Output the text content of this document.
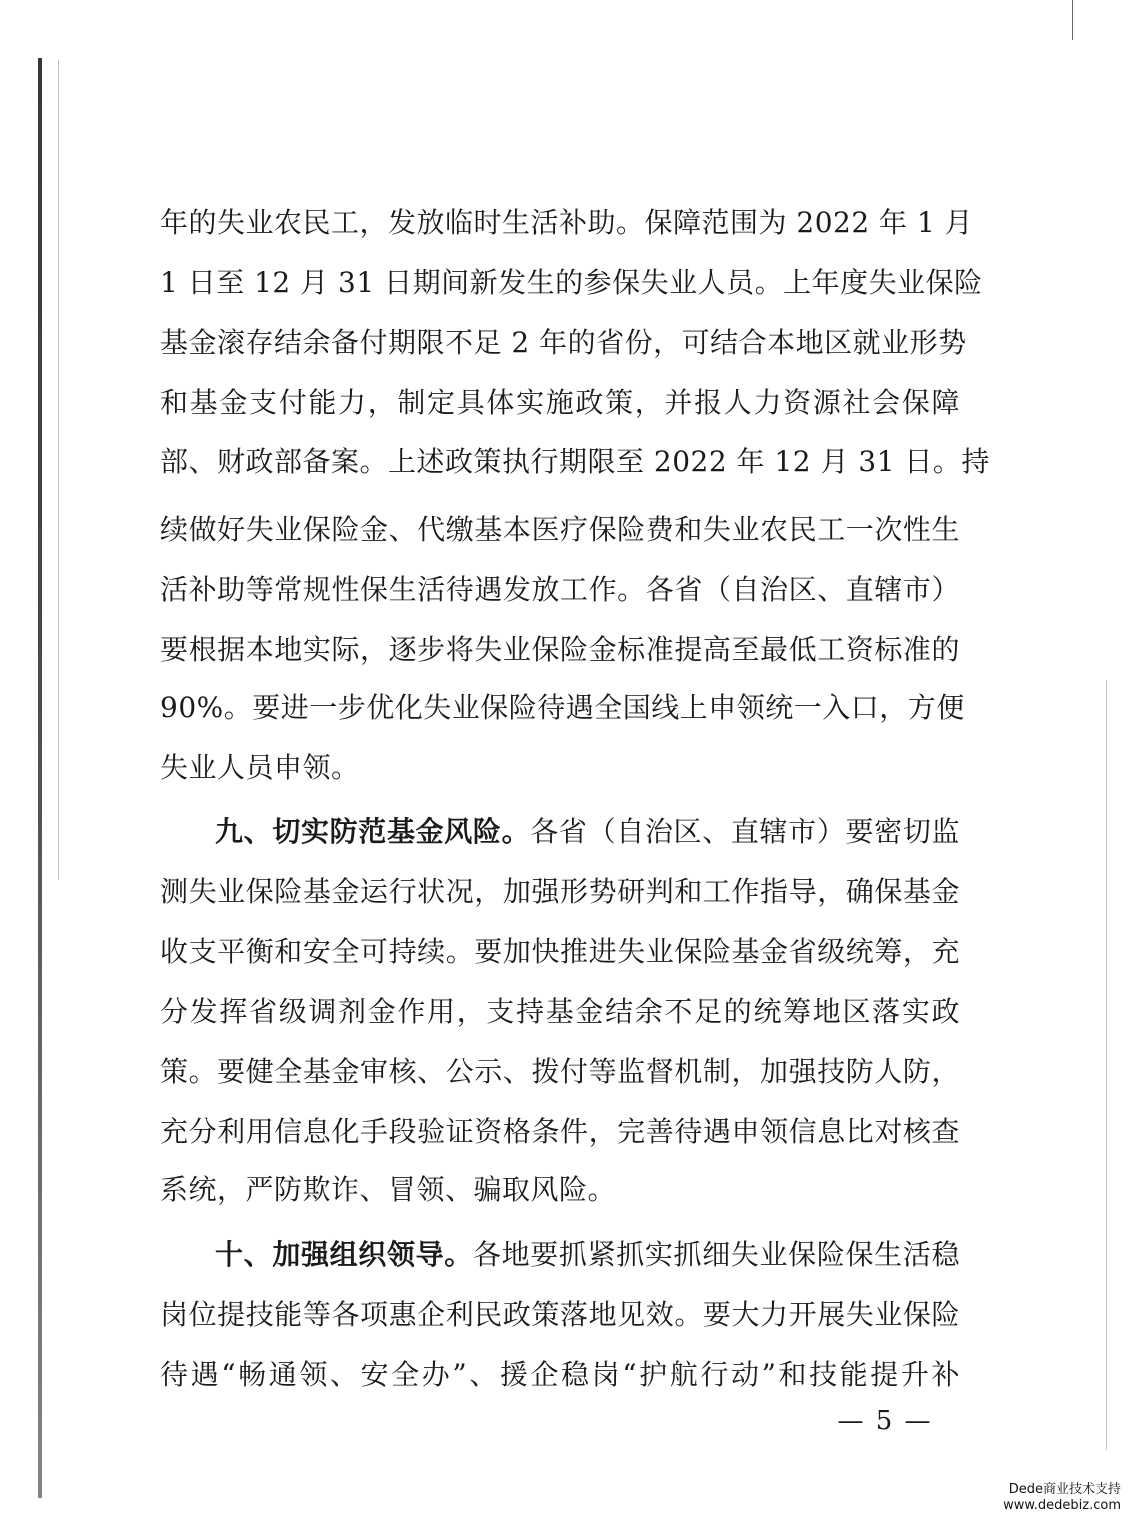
年的失业农民工，发放临时生活补助。保障范围为 2022 年 1 月
1 日至 12 月 31 日期间新发生的参保失业人员。上年度失业保险
基金滚存结余备付期限不足 2 年的省份，可结合本地区就业形势
和基金支付能力，制定具体实施政策，并报人力资源社会保障
部、财政部备案。上述政策执行期限至 2022 年 12 月 31 日。持
续做好失业保险金、代缴基本医疗保险费和失业农民工一次性生
活补助等常规性保生活待遇发放工作。各省（自治区、直辖市）
要根据本地实际，逐步将失业保险金标准提高至最低工资标准的
90%。要进一步优化失业保险待遇全国线上申领统一入口，方便
失业人员申领。
九、切实防范基金风险。各省（自治区、直辖市）要密切监
测失业保险基金运行状况，加强形势研判和工作指导，确保基金
收支平衡和安全可持续。要加快推进失业保险基金省级统筹，充
分发挥省级调剂金作用，支持基金结余不足的统筹地区落实政
策。要健全基金审核、公示、拨付等监督机制，加强技防人防，
充分利用信息化手段验证资格条件，完善待遇申领信息比对核查
系统，严防欺诈、冒领、骗取风险。
十、加强组织领导。各地要抓紧抓实抓细失业保险保生活稳
岗位提技能等各项惠企利民政策落地见效。要大力开展失业保险
待遇“畅通领、安全办”、援企稳岗“护航行动”和技能提升补
— 5 —
Dede商业技术支持
www.dedebiz.com
